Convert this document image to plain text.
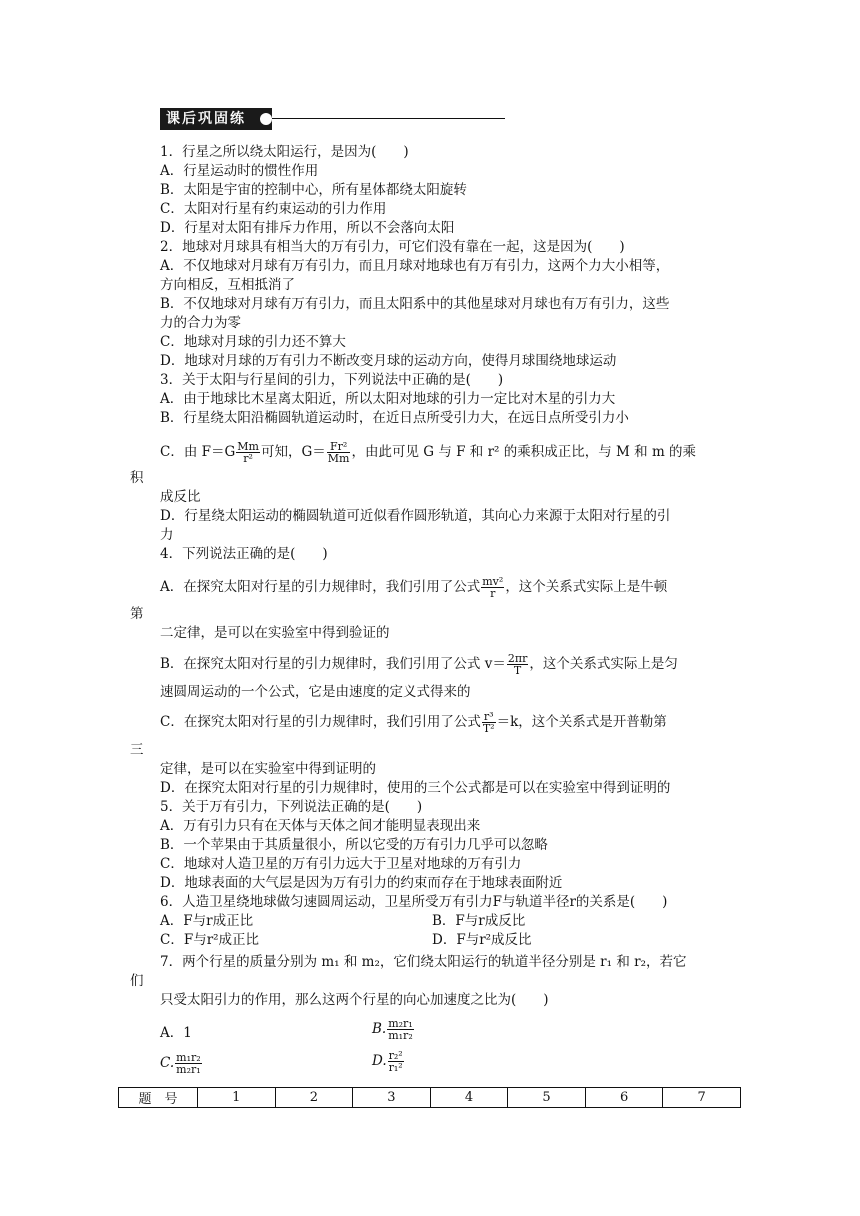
课后巩固练
1．行星之所以绕太阳运行，是因为(　　)
A．行星运动时的惯性作用
B．太阳是宇宙的控制中心，所有星体都绕太阳旋转
C．太阳对行星有约束运动的引力作用
D．行星对太阳有排斥力作用，所以不会落向太阳
2．地球对月球具有相当大的万有引力，可它们没有靠在一起，这是因为(　　)
A．不仅地球对月球有万有引力，而且月球对地球也有万有引力，这两个力大小相等，
方向相反，互相抵消了
B．不仅地球对月球有万有引力，而且太阳系中的其他星球对月球也有万有引力，这些
力的合力为零
C．地球对月球的引力还不算大
D．地球对月球的万有引力不断改变月球的运动方向，使得月球围绕地球运动
3．关于太阳与行星间的引力，下列说法中正确的是(　　)
A．由于地球比木星离太阳近，所以太阳对地球的引力一定比对木星的引力大
B．行星绕太阳沿椭圆轨道运动时，在近日点所受引力大，在远日点所受引力小
积
成反比
D．行星绕太阳运动的椭圆轨道可近似看作圆形轨道，其向心力来源于太阳对行星的引
力
4．下列说法正确的是(　　)
第
二定律，是可以在实验室中得到验证的
速圆周运动的一个公式，它是由速度的定义式得来的
三
定律，是可以在实验室中得到证明的
D．在探究太阳对行星的引力规律时，使用的三个公式都是可以在实验室中得到证明的
5．关于万有引力，下列说法正确的是(　　)
A．万有引力只有在天体与天体之间才能明显表现出来
B．一个苹果由于其质量很小，所以它受的万有引力几乎可以忽略
C．地球对人造卫星的万有引力远大于卫星对地球的万有引力
D．地球表面的大气层是因为万有引力的约束而存在于地球表面附近
6．人造卫星绕地球做匀速圆周运动，卫星所受万有引力F与轨道半径r的关系是(　　)
A．F与r成正比	B．F与r成反比
们
只受太阳引力的作用，那么这两个行星的向心加速度之比为(　　)
A．1
C．由 $F=G \frac{Mm}{\text{r²}}$ 可知，$G= \frac{\text{Fr²}}{Mm}$ ，由此可见 G 与 F 和 r² 的乘积成正比，与 M 和 m 的乘
A．在探究太阳对行星的引力规律时，我们引用了公式 $\frac{\text{mv²}}{r}$ ，这个关系式实际上是牛顿
B．在探究太阳对行星的引力规律时，我们引用了公式 $v= \frac{2\pi r}{T}$ ，这个关系式实际上是匀
C．在探究太阳对行星的引力规律时，我们引用了公式 $\frac{\text{r³}}{\text{T²}} =k$，这个关系式是开普勒第
C．F与r²成正比	D．F与r²成反比
7．两个行星的质量分别为 m₁ 和 m₂，它们绕太阳运行的轨道半径分别是 r₁ 和 r₂，若它
B. $\frac{\text{m₂r₁}}{\text{m₁r₂}}$
C. $\frac{\text{m₁r₂}}{\text{m₂r₁}}$	D. $\frac{\text{r₂²}}{\text{r₁²}}$
题　号	1	2	3	4	5	6	7
